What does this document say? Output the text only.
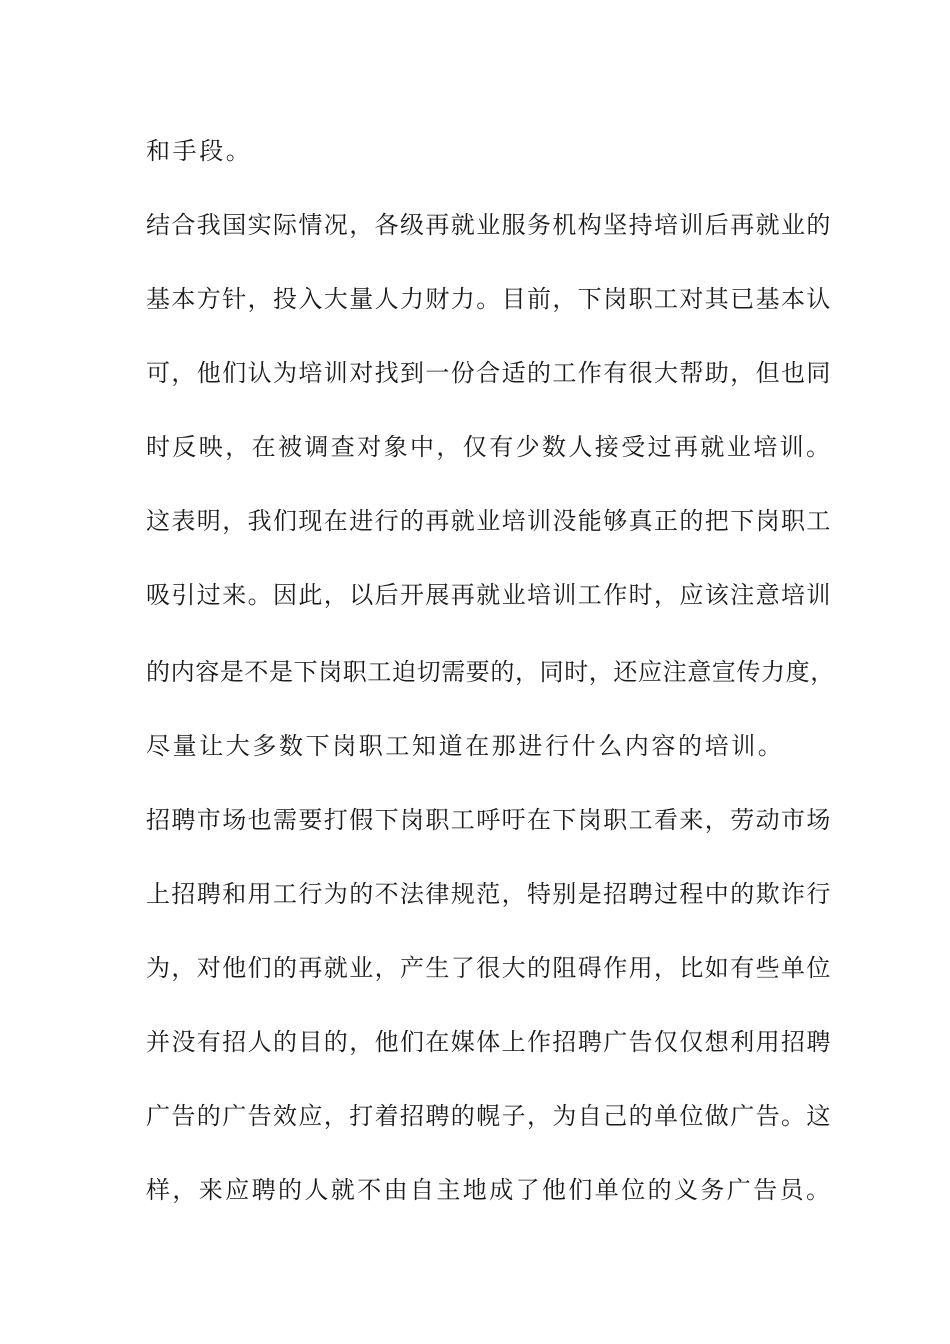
和手段。
结合我国实际情况，各级再就业服务机构坚持培训后再就业的
基本方针，投入大量人力财力。目前，下岗职工对其已基本认
可，他们认为培训对找到一份合适的工作有很大帮助，但也同
时反映，在被调查对象中，仅有少数人接受过再就业培训。
这表明，我们现在进行的再就业培训没能够真正的把下岗职工
吸引过来。因此，以后开展再就业培训工作时，应该注意培训
的内容是不是下岗职工迫切需要的，同时，还应注意宣传力度，
尽量让大多数下岗职工知道在那进行什么内容的培训。
招聘市场也需要打假下岗职工呼吁在下岗职工看来，劳动市场
上招聘和用工行为的不法律规范，特别是招聘过程中的欺诈行
为，对他们的再就业，产生了很大的阻碍作用，比如有些单位
并没有招人的目的，他们在媒体上作招聘广告仅仅想利用招聘
广告的广告效应，打着招聘的幌子，为自己的单位做广告。这
样，来应聘的人就不由自主地成了他们单位的义务广告员。
